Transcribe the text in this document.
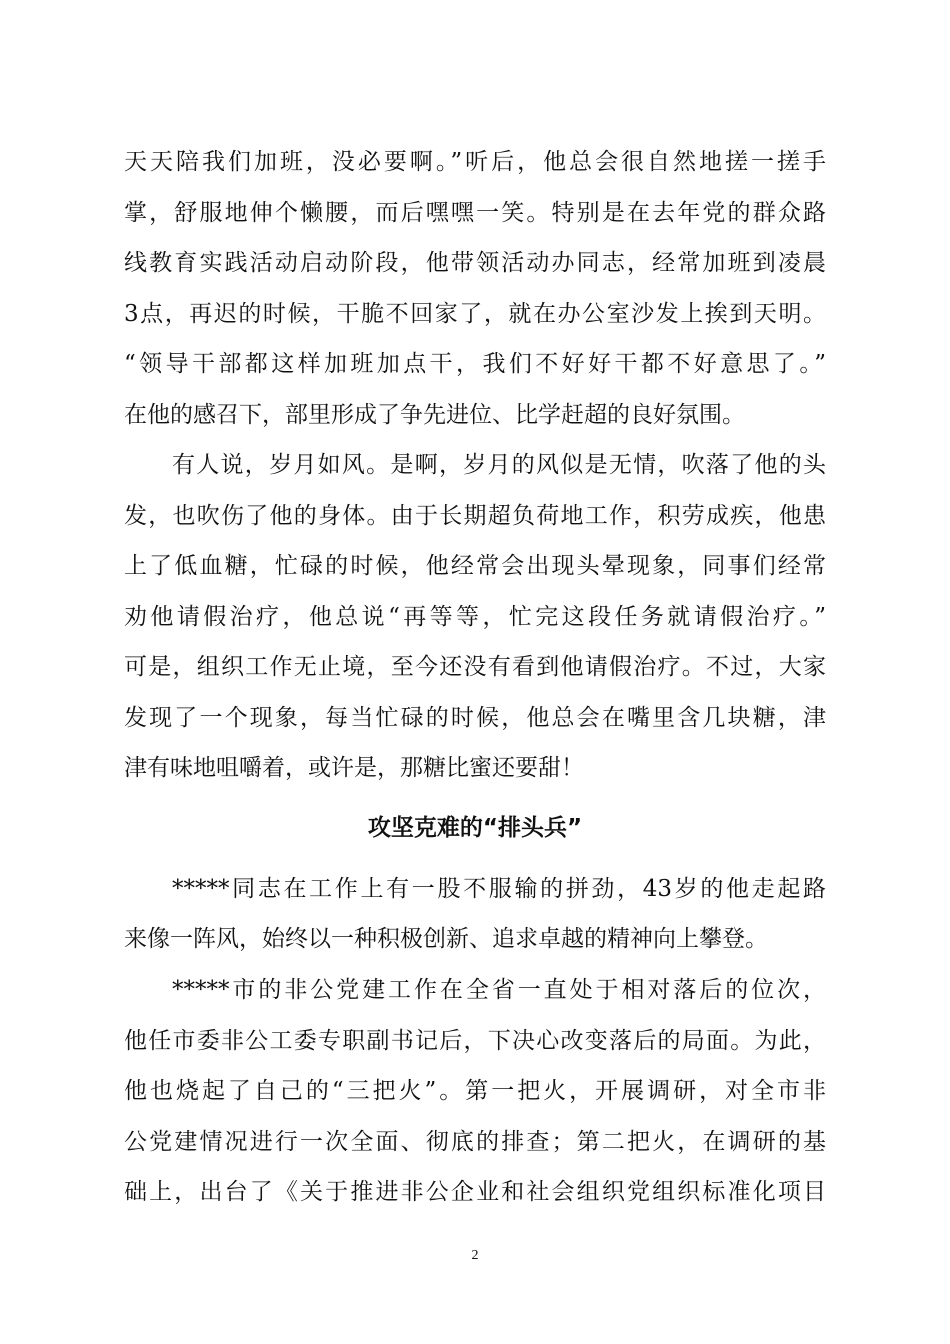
天天陪我们加班，没必要啊。”听后，他总会很自然地搓一搓手
掌，舒服地伸个懒腰，而后嘿嘿一笑。特别是在去年党的群众路
线教育实践活动启动阶段，他带领活动办同志，经常加班到凌晨
3点，再迟的时候，干脆不回家了，就在办公室沙发上挨到天明。
“领导干部都这样加班加点干，我们不好好干都不好意思了。”
在他的感召下，部里形成了争先进位、比学赶超的良好氛围。
有人说，岁月如风。是啊，岁月的风似是无情，吹落了他的头
发，也吹伤了他的身体。由于长期超负荷地工作，积劳成疾，他患
上了低血糖，忙碌的时候，他经常会出现头晕现象，同事们经常
劝他请假治疗，他总说“再等等，忙完这段任务就请假治疗。”
可是，组织工作无止境，至今还没有看到他请假治疗。不过，大家
发现了一个现象，每当忙碌的时候，他总会在嘴里含几块糖，津
津有味地咀嚼着，或许是，那糖比蜜还要甜！
攻坚克难的“排头兵”
*****同志在工作上有一股不服输的拼劲，43岁的他走起路
来像一阵风，始终以一种积极创新、追求卓越的精神向上攀登。
*****市的非公党建工作在全省一直处于相对落后的位次，
他任市委非公工委专职副书记后，下决心改变落后的局面。为此，
他也烧起了自己的“三把火”。第一把火，开展调研，对全市非
公党建情况进行一次全面、彻底的排查；第二把火，在调研的基
础上，出台了《关于推进非公企业和社会组织党组织标准化项目
2
